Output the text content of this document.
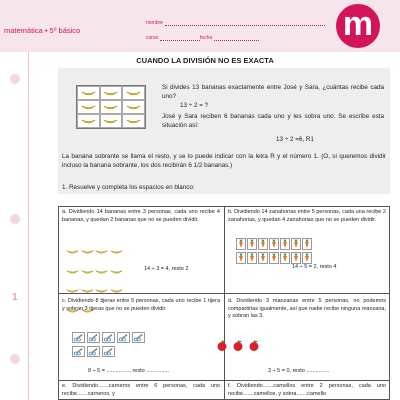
matemática • 5º básico
nombre
curso	fecha	m
1
CUANDO LA DIVISIÓN NO ES EXACTA
Si divides 13 bananas exactamente entre José y Sara, ¿cuántas recibe cada uno?
13 ÷ 2 = ?
José y Sara reciben 6 bananas cada uno y les sobra uno. Se escribe esta situación así:
13 ÷ 2 =6, R1
La banana sobrante se llama el resto, y se lo puede indicar con la letra R y el número 1. (O, si queremos dividir incluso la banana sobrante, los dos recibirán 6 1/2 bananas.)
1. Resuelve y completa los espacios en blanco:
a. Dividiendo 14 bananas entre 3 personas, cada uno recibe 4 bananas, y quedan 2 bananas que no se pueden dividir.
14 ÷ 3 = 4, resto 2
b. Dividiendo 14 zanahorias entre 5 personas, cada una recibe 2 zanahorias, y quedan 4 zanahorias que no se pueden dividir.
14 ÷ 5 = 2, resto 4
c. Dividiendo 8 tijeras entre 5 personas, cada uno recibe 1 tijera y sobran 3 tijeras que no se pueden dividir.
8 ÷ 5 = ..............., resto ...............
d. Dividiendo 3 manzanas entre 5 personas, no podemos compartirlas igualmente, así que nadie recibe ninguna manzana, y sobran las 3.
3 ÷ 5 = 0, resto ...............
e. Dividiendo.......carneros entre 6 personas, cada uno recibe.......carneros, y
f. Dividiendo.......camellos entre 2 personas, cada uno recibe.......camellos, y sobra.......camello
